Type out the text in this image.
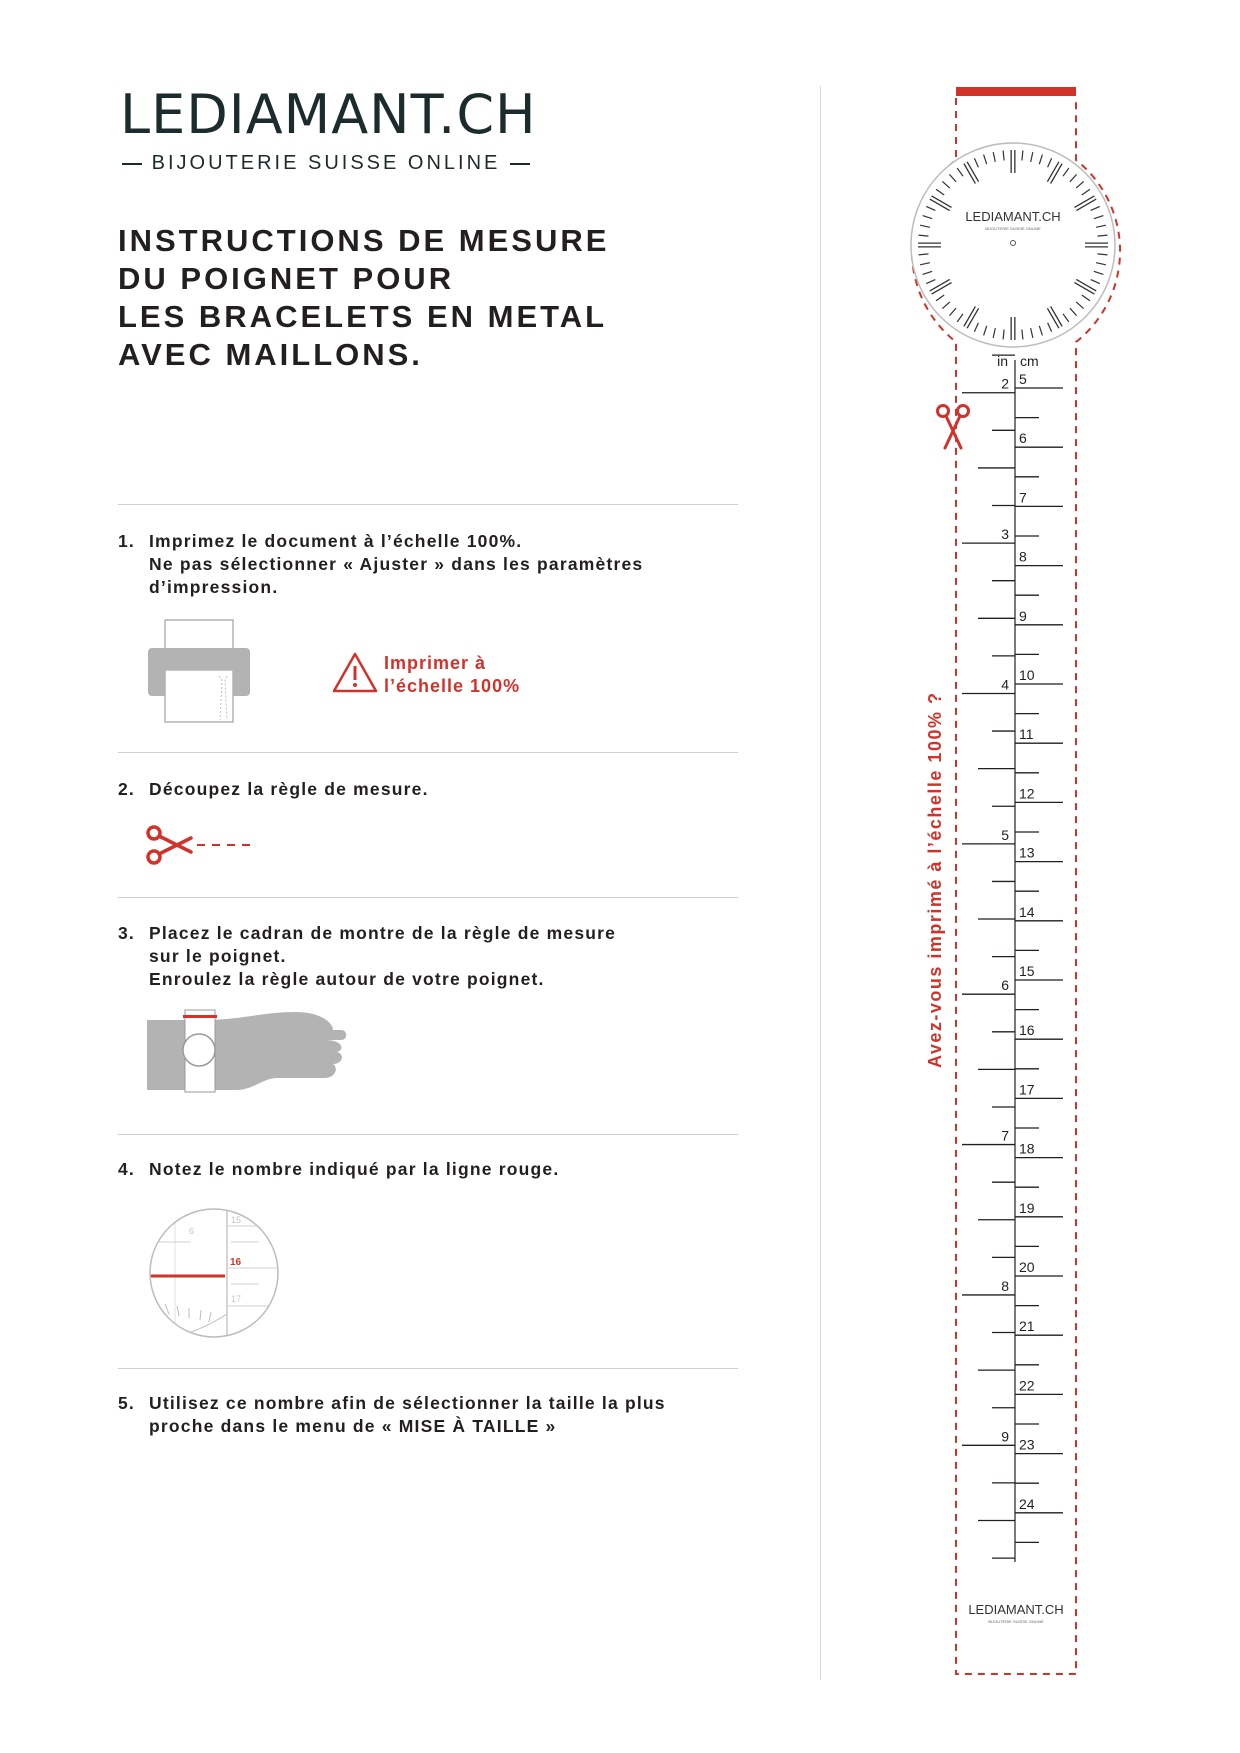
LEDIAMANT.CH
BIJOUTERIE SUISSE ONLINE
INSTRUCTIONS DE MESURE
DU POIGNET POUR
LES BRACELETS EN METAL
AVEC MAILLONS.
1. Imprimez le document à l’échelle 100%.
Ne pas sélectionner « Ajuster » dans les paramètres
d’impression.
Imprimer à
l’échelle 100%
2. Découpez la règle de mesure.
3. Placez le cadran de montre de la règle de mesure
sur le poignet.
Enroulez la règle autour de votre poignet.
4. Notez le nombre indiqué par la ligne rouge.
15
16
17
6
5. Utilisez ce nombre afin de sélectionner la taille la plus
proche dans le menu de « MISE À TAILLE »
Avez-vous imprimé à l’échelle 100% ?
LEDIAMANT.CH
BIJOUTERIE SUISSE ONLINE
in cm
5
6
7
8
9
10
11
12
13
14
15
16
17
18
19
20
21
22
23
24
2
3
4
5
6
7
8
9
LEDIAMANT.CH
BIJOUTERIE SUISSE ONLINE
